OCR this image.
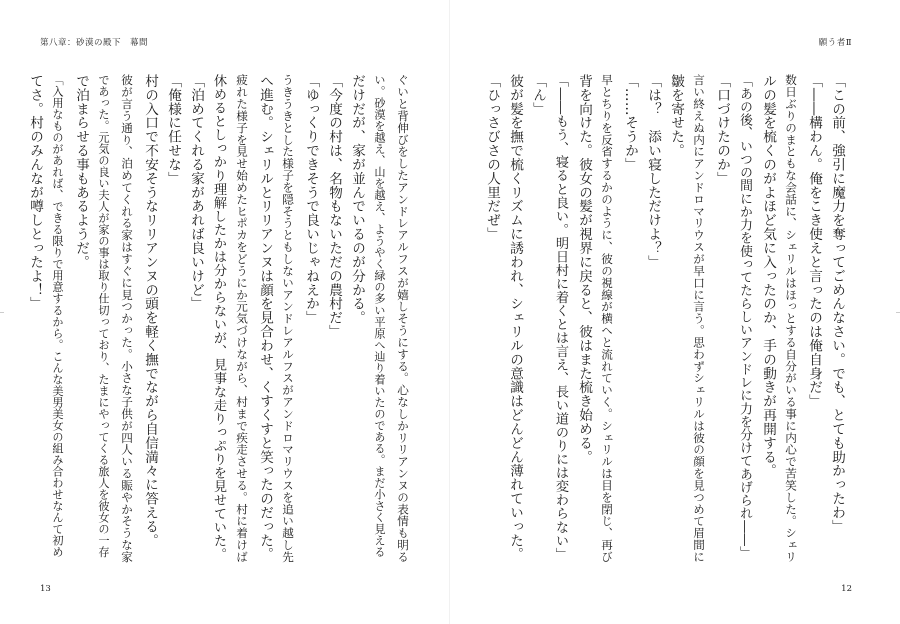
第八章：砂漠の殿下　幕間
ぐいと背伸びをしたアンドレアルフスが嬉しそうにする。心なしかリリアンヌの表情も明る
い。砂漠を越え、山を越え、ようやく緑の多い平原へ辿り着いたのである。まだ小さく見える
だけだが、家が並んでいるのが分かる。
「今度の村は、名物もないただの農村だ」
「ゆっくりできそうで良いじゃねえか」
うきうきとした様子を隠そうともしないアンドレアルフスがアンドロマリウスを追い越し先
へ進む。シェリルとリリアンヌは顔を見合わせ、くすくすと笑ったのだった。
疲れた様子を見せ始めたヒポカをどうにか元気づけながら、村まで疾走させる。村に着けば
休めるとしっかり理解したかは分からないが、見事な走りっぷりを見せていた。
「泊めてくれる家があれば良いけど」
「俺様に任せな」
村の入口で不安そうなリリアンヌの頭を軽く撫でながら自信満々に答える。
彼が言う通り、泊めてくれる家はすぐに見つかった。小さな子供が四人いる賑やかそうな家
であった。元気の良い夫人が家の事は取り仕切っており、たまにやってくる旅人を彼女の一存
で泊まらせる事もあるようだ。
「入用なものがあれば、できる限りで用意するから。こんな美男美女の組み合わせなんて初め
てさ。村のみんなが噂しとったよ！」
13
願う者Ⅱ
「この前、強引に魔力を奪ってごめんなさい。でも、とても助かったわ」
「――構わん。俺をこき使えと言ったのは俺自身だ」
数日ぶりのまともな会話に、シェリルはほっとする自分がいる事に内心で苦笑した。シェリ
ルの髪を梳くのがよほど気に入ったのか、手の動きが再開する。
「あの後、いつの間にか力を使ってたらしいアンドレに力を分けてあげられ――」
「口づけたのか」
言い終えぬ内にアンドロマリウスが早口に言う。思わずシェリルは彼の顔を見つめて眉間に
皺を寄せた。
「は？　添い寝しただけよ？」
「……そうか」
早とちりを反省するかのように、彼の視線が横へと流れていく。シェリルは目を閉じ、再び
背を向けた。彼女の髪が視界に戻ると、彼はまた梳き始める。
「――もう、寝ると良い。明日村に着くとは言え、長い道のりには変わらない」
「ん」
彼が髪を撫で梳くリズムに誘われ、シェリルの意識はどんどん薄れていった。
「ひっさびさの人里だぜ」
12
